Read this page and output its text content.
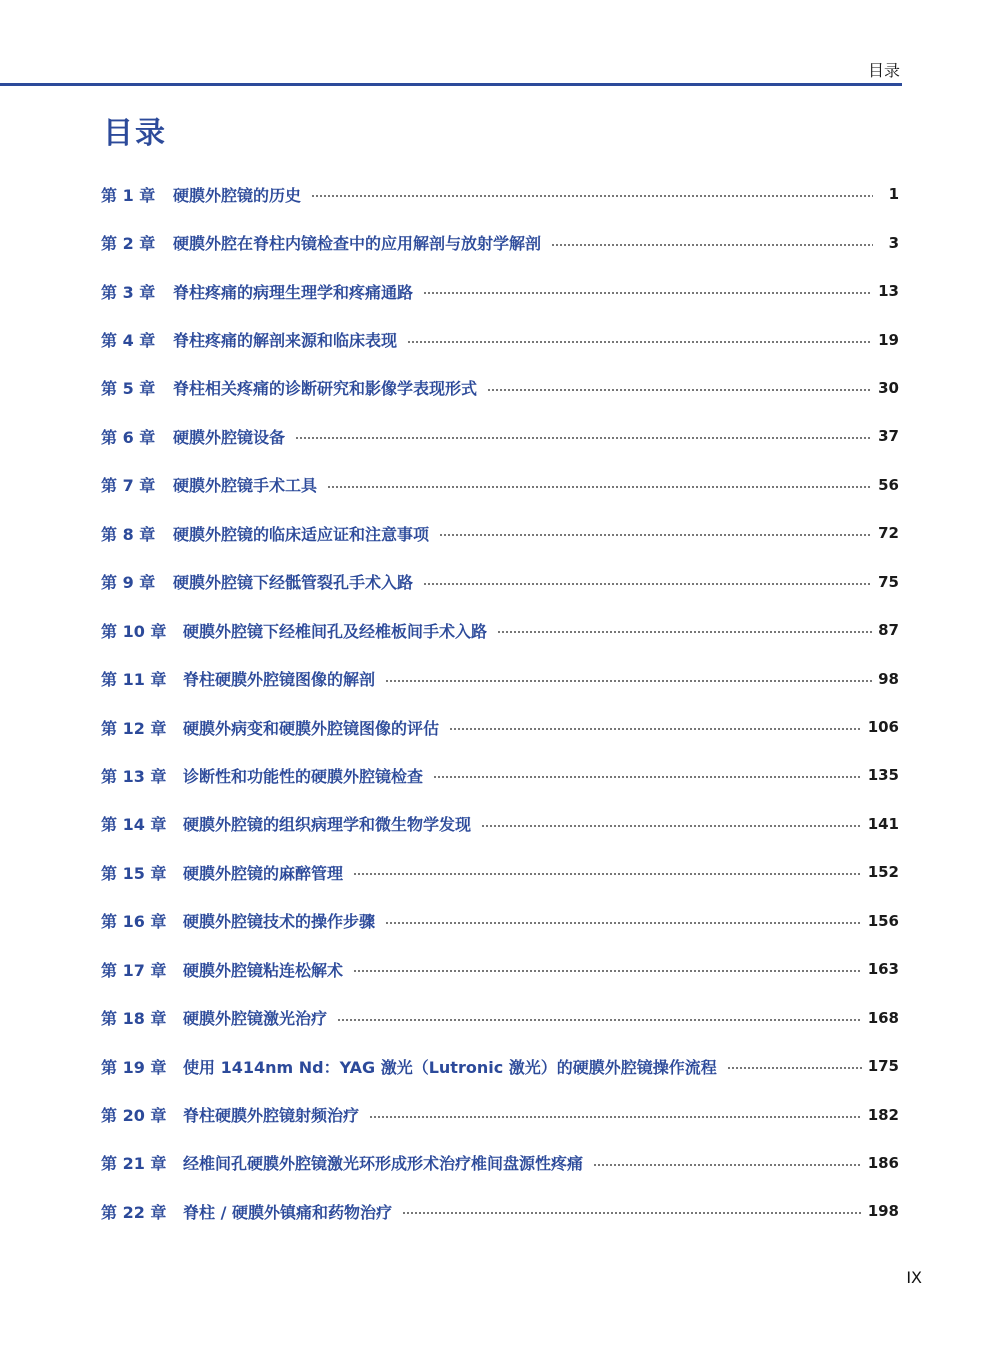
目录
目录
第 1 章	硬膜外腔镜的历史	1
第 2 章	硬膜外腔在脊柱内镜检查中的应用解剖与放射学解剖	3
第 3 章	脊柱疼痛的病理生理学和疼痛通路	13
第 4 章	脊柱疼痛的解剖来源和临床表现	19
第 5 章	脊柱相关疼痛的诊断研究和影像学表现形式	30
第 6 章	硬膜外腔镜设备	37
第 7 章	硬膜外腔镜手术工具	56
第 8 章	硬膜外腔镜的临床适应证和注意事项	72
第 9 章	硬膜外腔镜下经骶管裂孔手术入路	75
第 10 章	硬膜外腔镜下经椎间孔及经椎板间手术入路	87
第 11 章	脊柱硬膜外腔镜图像的解剖	98
第 12 章	硬膜外病变和硬膜外腔镜图像的评估	106
第 13 章	诊断性和功能性的硬膜外腔镜检查	135
第 14 章	硬膜外腔镜的组织病理学和微生物学发现	141
第 15 章	硬膜外腔镜的麻醉管理	152
第 16 章	硬膜外腔镜技术的操作步骤	156
第 17 章	硬膜外腔镜粘连松解术	163
第 18 章	硬膜外腔镜激光治疗	168
第 19 章	使用 1414nm Nd：YAG 激光（Lutronic 激光）的硬膜外腔镜操作流程	175
第 20 章	脊柱硬膜外腔镜射频治疗	182
第 21 章	经椎间孔硬膜外腔镜激光环形成形术治疗椎间盘源性疼痛	186
第 22 章	脊柱 / 硬膜外镇痛和药物治疗	198
IX
